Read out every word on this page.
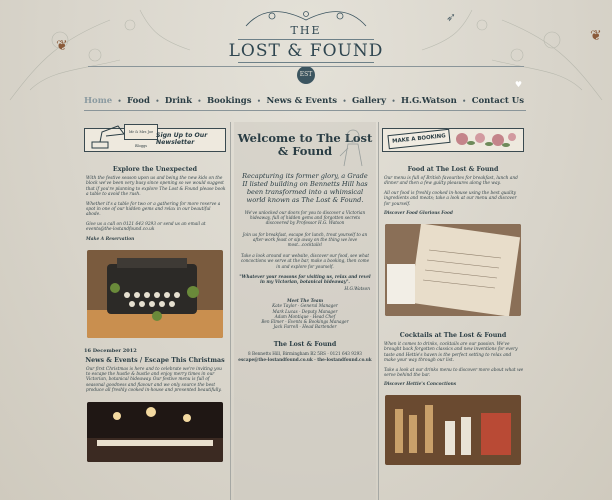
❦
❦
➶
THE
LOST & FOUND
EST
♥
Home • Food • Drink • Bookings • News & Events • Gallery • H.G.Watson • Contact Us
Mr & Mrs Joe Bloggs
Sign Up to Our Newsletter
Explore the Unexpected
With the festive season upon us and being the new kids on the block we've been very busy since opening so we would suggest that if you're planning to explore The Lost & Found please book a table to avoid the rush.
Whether it's a table for two or a gathering for more reserve a spot in one of our hidden gems and relax in our beautiful abode.
Give us a call on 0121 643 9293 or send us an email at events@the-lostandfound.co.uk
Make A Reservation
16 December 2012
News & Events / Escape This Christmas
Our first Christmas is here and to celebrate we're inviting you to escape the hustle & bustle and enjoy merry times in our Victorian, botanical hideaway. Our festive menu is full of seasonal goodness and flavour and we only source the best produce all freshly cooked in-house and presented beautifully.
Welcome to The Lost & Found
Recapturing its former glory, a Grade II listed building on Bennetts Hill has been transformed into a whimsical world known as The Lost & Found.
We've unlocked our doors for you to discover a Victorian hideaway, full of hidden gems and forgotten secrets discovered by Professor H.G. Watson
Join us for breakfast, escape for lunch, treat yourself to an after-work feast or sip away on the thing we love most...cocktails!
Take a look around our website, discover our food, see what concoctions we serve at the bar, make a booking, then come in and explore for yourself.
"Whatever your reasons for visiting us, relax and revel in my Victorian, botanical hideaway".
H.G.Watson
Meet The Team
Kate Taylor - General Manager
Mark Lucas - Deputy Manager
Adam Montique - Head Chef
Ben Elmer - Events & Bookings Manager
Jack Farrell - Head Bartender
The Lost & Found
8 Bennetts Hill, Birmingham B2 5RS · 0121 643 9293
escape@the-lostandfound.co.uk · the-lostandfound.co.uk
MAKE A BOOKING
Food at The Lost & Found
Our menu is full of British favourites for breakfast, lunch and dinner and then a few guilty pleasures along the way.
All our food is freshly cooked in-house using the best quality ingredients and meats; take a look at our menu and discover for yourself.
Discover Food Glorious Food
Cocktails at The Lost & Found
When it comes to drinks, cocktails are our passion. We've brought back forgotten classics and new inventions for every taste and Hettie's haven is the perfect setting to relax and make your way through our list.
Take a look at our drinks menu to discover more about what we serve behind the bar.
Discover Hettie's Concoctions
